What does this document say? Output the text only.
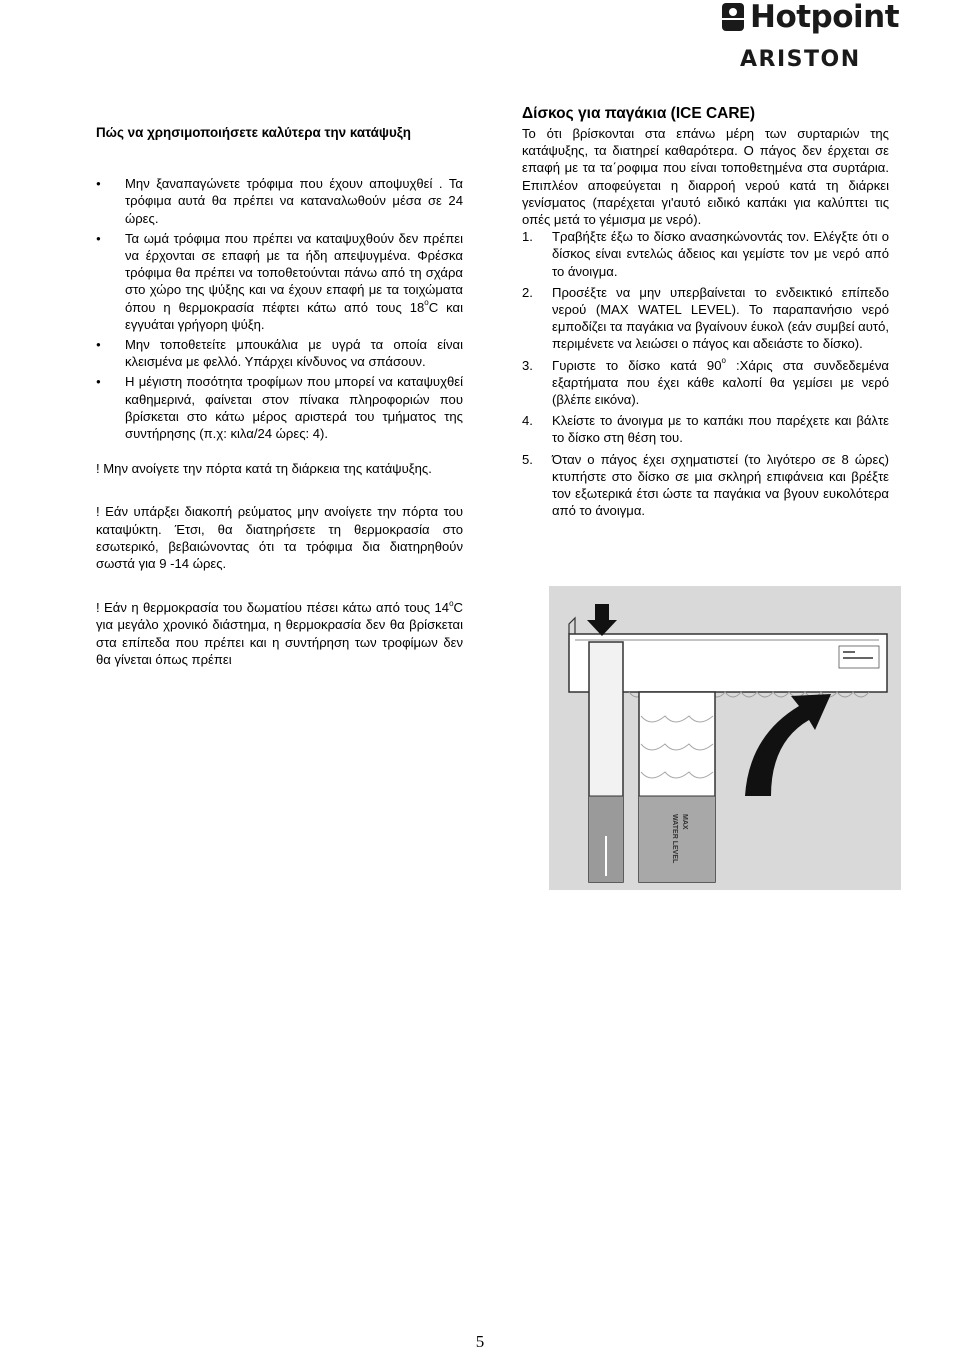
Hotpoint
ARISTON

Πώς να χρησιμοποιήσετε καλύτερα την κατάψυξη

● Μην ξαναπαγώνετε τρόφιμα που έχουν αποψυχθεί . Τα τρόφιμα αυτά θα πρέπει να καταναλωθούν μέσα σε 24 ώρες.
● Τα ωμά τρόφιμα που πρέπει να καταψυχθούν δεν πρέπει να έρχονται σε επαφή με τα ήδη απεψυγμένα. Φρέσκα τρόφιμα θα πρέπει να τοποθετούνται πάνω από τη σχάρα στο χώρο της ψύξης και να έχουν επαφή με τα τοιχώματα όπου η θερμοκρασία πέφτει κάτω από τους 18$^o$C και εγγυάται γρήγορη ψύξη.
● Μην τοποθετείτε μπουκάλια με υγρά τα οποία είναι κλεισμένα με φελλό. Υπάρχει κίνδυνος να σπάσουν.
● Η μέγιστη ποσότητα τροφίμων που μπορεί να καταψυχθεί καθημερινά, φαίνεται στον πίνακα πληροφοριών που βρίσκεται στο κάτω μέρος αριστερά του τμήματος της συντήρησης (π.χ: κιλα/24 ώρες: 4).

! Μην ανοίγετε την πόρτα κατά τη διάρκεια της κατάψυξης.

! Εάν υπάρξει διακοπή ρεύματος μην ανοίγετε την πόρτα του καταψύκτη. Έτσι, θα διατηρήσετε τη θερμοκρασία στο εσωτερικό, βεβαιώνοντας ότι τα τρόφιμα δια διατηρηθούν σωστά για 9 -14 ώρες.

! Εάν η θερμοκρασία του δωματίου πέσει κάτω από τους 14$^o$C για μεγάλο χρονικό διάστημα, η θερμοκρασία δεν θα βρίσκεται στα επίπεδα που πρέπει και η συντήρηση των τροφίμων δεν θα γίνεται όπως πρέπει

Δίσκος για παγάκια (ICE CARE)

Το ότι βρίσκονται στα επάνω μέρη των συρταριών της κατάψυξης, τα διατηρεί καθαρότερα. Ο πάγος δεν έρχεται σε επαφή με τα τα΄ροφιμα που είναι τοποθετημένα στα συρτάρια. Επιπλέον αποφεύγεται η διαρροή νερού κατά τη διάρκει γενίσματος (παρέχεται γι'αυτό ειδικό καπάκι για καλύπτει τις οπές μετά το γέμισμα με νερό).

1. Τραβήξτε έξω το δίσκο ανασηκώνοντάς τον. Ελέγξτε ότι ο δίσκος είναι εντελώς άδειος και γεμίστε τον με νερό από το άνοιγμα.
2. Προσέξτε να μην υπερβαίνεται το ενδεικτικό επίπεδο νερού (MAX WATEL LEVEL). Το παραπανήσιο νερό εμποδίζει τα παγάκια να βγαίνουν έυκολ (εάν συμβεί αυτό, περιμένετε να λειώσει ο πάγος και αδειάστε το δίσκο).
3. Γυριστε το δίσκο κατά 90$^o$ :Χάρις στα συνδεδεμένα εξαρτήματα που έχει κάθε καλοπί θα γεμίσει με νερό (βλέπε εικόνα).
4. Κλείστε το άνοιγμα με το καπάκι που παρέχετε και βάλτε το δίσκο στη θέση του.
5. Όταν ο πάγος έχει σχηματιστεί (το λιγότερο σε 8 ώρες) κτυπήστε στο δίσκο σε μια σκληρή επιφάνεια και βρέξτε τον εξωτερικά έτσι ώστε τα παγάκια να βγουν ευκολότερα από το άνοιγμα.
MAX
WATER LEVEL
5
